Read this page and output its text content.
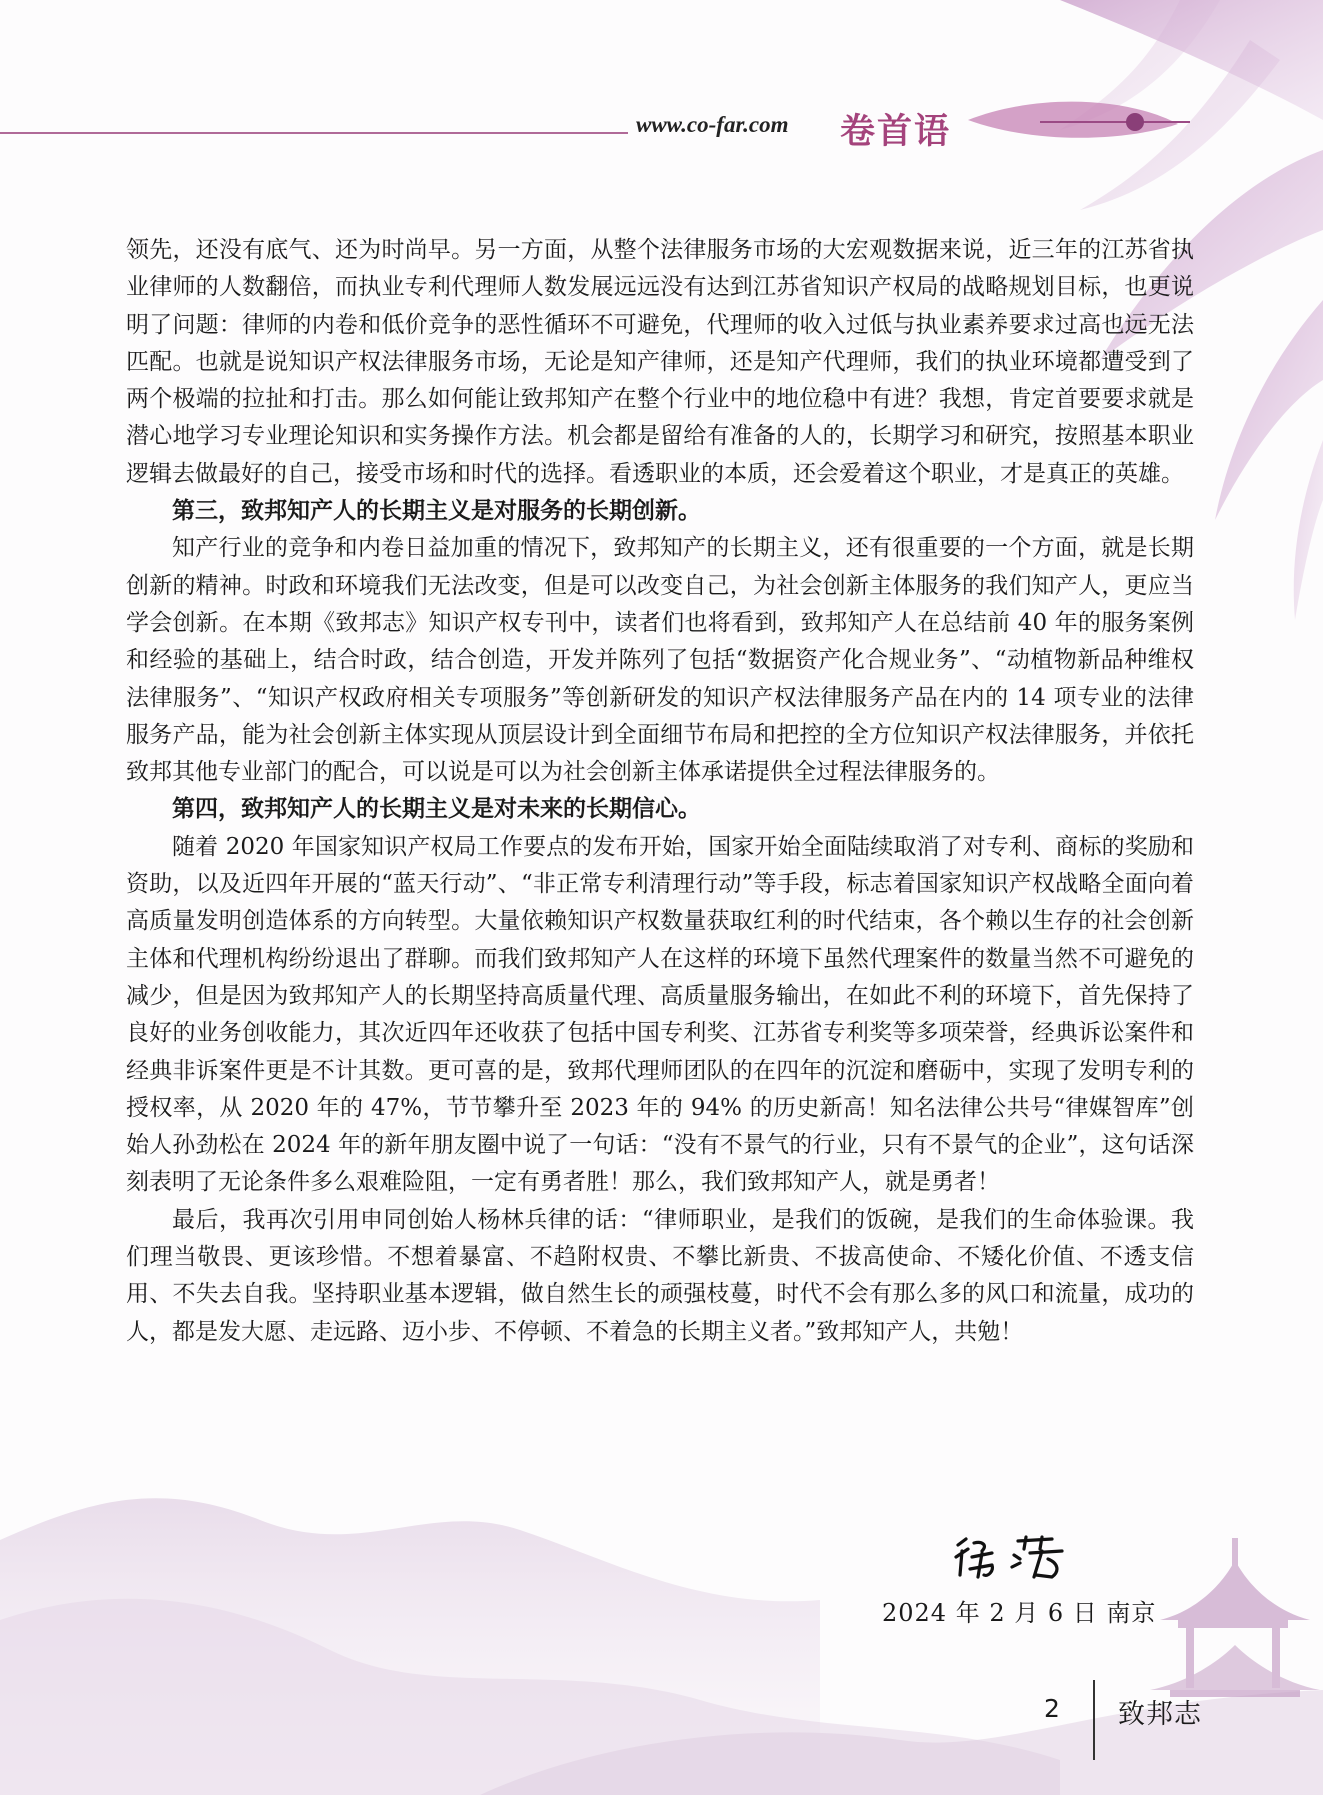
www.co-far.com 卷首语

领先，还没有底气、还为时尚早。另一方面，从整个法律服务市场的大宏观数据来说，近三年的江苏省执业律师的人数翻倍，而执业专利代理师人数发展远远没有达到江苏省知识产权局的战略规划目标，也更说明了问题：律师的内卷和低价竞争的恶性循环不可避免，代理师的收入过低与执业素养要求过高也远无法匹配。也就是说知识产权法律服务市场，无论是知产律师，还是知产代理师，我们的执业环境都遭受到了两个极端的拉扯和打击。那么如何能让致邦知产在整个行业中的地位稳中有进？我想，肯定首要要求就是潜心地学习专业理论知识和实务操作方法。机会都是留给有准备的人的，长期学习和研究，按照基本职业逻辑去做最好的自己，接受市场和时代的选择。看透职业的本质，还会爱着这个职业，才是真正的英雄。

第三，致邦知产人的长期主义是对服务的长期创新。

知产行业的竞争和内卷日益加重的情况下，致邦知产的长期主义，还有很重要的一个方面，就是长期创新的精神。时政和环境我们无法改变，但是可以改变自己，为社会创新主体服务的我们知产人，更应当学会创新。在本期《致邦志》知识产权专刊中，读者们也将看到，致邦知产人在总结前 40 年的服务案例和经验的基础上，结合时政，结合创造，开发并陈列了包括“数据资产化合规业务”、“动植物新品种维权法律服务”、“知识产权政府相关专项服务”等创新研发的知识产权法律服务产品在内的 14 项专业的法律服务产品，能为社会创新主体实现从顶层设计到全面细节布局和把控的全方位知识产权法律服务，并依托致邦其他专业部门的配合，可以说是可以为社会创新主体承诺提供全过程法律服务的。

第四，致邦知产人的长期主义是对未来的长期信心。

随着 2020 年国家知识产权局工作要点的发布开始，国家开始全面陆续取消了对专利、商标的奖励和资助，以及近四年开展的“蓝天行动”、“非正常专利清理行动”等手段，标志着国家知识产权战略全面向着高质量发明创造体系的方向转型。大量依赖知识产权数量获取红利的时代结束，各个赖以生存的社会创新主体和代理机构纷纷退出了群聊。而我们致邦知产人在这样的环境下虽然代理案件的数量当然不可避免的减少，但是因为致邦知产人的长期坚持高质量代理、高质量服务输出，在如此不利的环境下，首先保持了良好的业务创收能力，其次近四年还收获了包括中国专利奖、江苏省专利奖等多项荣誉，经典诉讼案件和经典非诉案件更是不计其数。更可喜的是，致邦代理师团队的在四年的沉淀和磨砺中，实现了发明专利的授权率，从 2020 年的 47%，节节攀升至 2023 年的 94% 的历史新高！知名法律公共号“律媒智库”创始人孙劲松在 2024 年的新年朋友圈中说了一句话：“没有不景气的行业，只有不景气的企业”，这句话深刻表明了无论条件多么艰难险阻，一定有勇者胜！那么，我们致邦知产人，就是勇者！

最后，我再次引用申同创始人杨林兵律的话：“律师职业，是我们的饭碗，是我们的生命体验课。我们理当敬畏、更该珍惜。不想着暴富、不趋附权贵、不攀比新贵、不拔高使命、不矮化价值、不透支信用、不失去自我。坚持职业基本逻辑，做自然生长的顽强枝蔓，时代不会有那么多的风口和流量，成功的人，都是发大愿、走远路、迈小步、不停顿、不着急的长期主义者。”致邦知产人，共勉！

2024 年 2 月 6 日 南京
2 致邦志
